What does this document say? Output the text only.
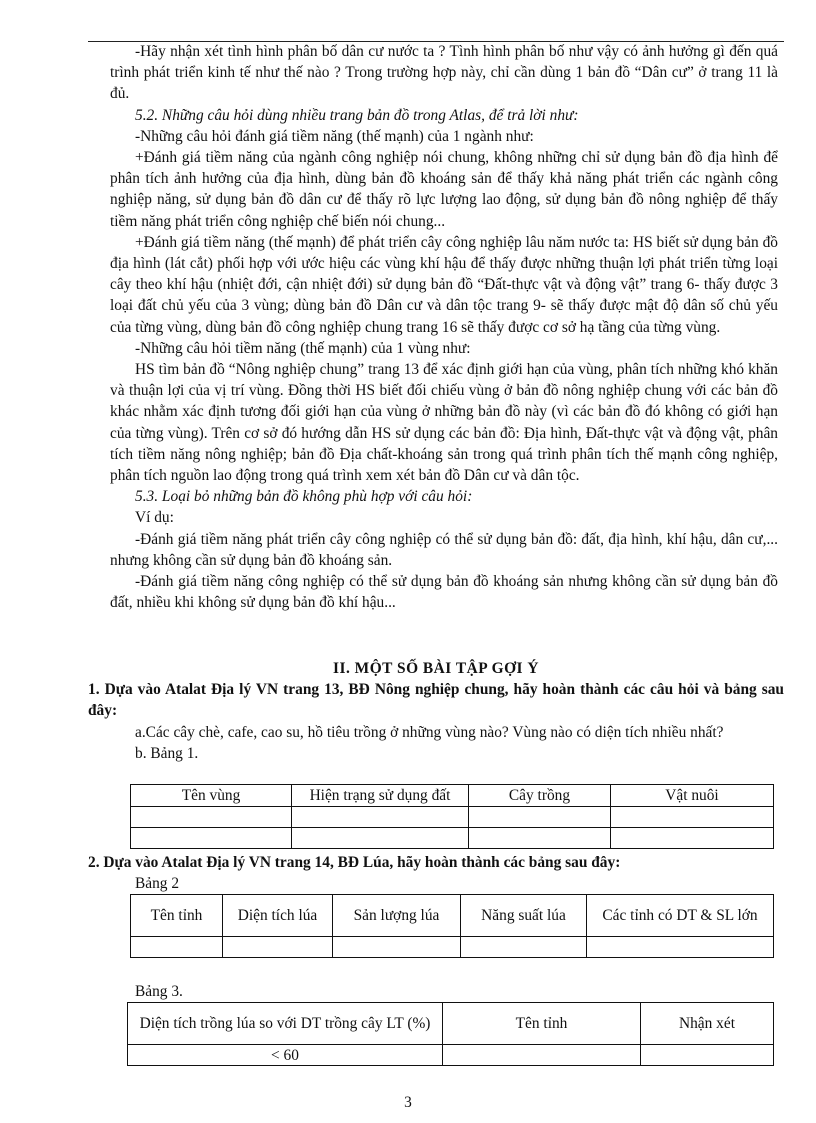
-Hãy nhận xét tình hình phân bố dân cư nước ta ? Tình hình phân bố như vậy có ảnh hưởng gì đến quá trình phát triển kinh tế như thế nào ? Trong trường hợp này, chỉ cần dùng 1 bản đồ “Dân cư” ở trang 11 là đủ.

5.2. Những câu hỏi dùng nhiều trang bản đồ trong Atlas, để trả lời như:

-Những câu hỏi đánh giá tiềm năng (thế mạnh) của 1 ngành như:

+Đánh giá tiềm năng của ngành công nghiệp nói chung, không những chỉ sử dụng bản đồ địa hình để phân tích ảnh hưởng của địa hình, dùng bản đồ khoáng sản để thấy khả năng phát triển các ngành công nghiệp năng, sử dụng bản đồ dân cư để thấy rõ lực lượng lao động, sử dụng bản đồ nông nghiệp để thấy tiềm năng phát triển công nghiệp chế biến nói chung...

+Đánh giá tiềm năng (thế mạnh) để phát triển cây công nghiệp lâu năm nước ta: HS biết sử dụng bản đồ địa hình (lát cắt) phối hợp với ước hiệu các vùng khí hậu để thấy được những thuận lợi phát triển từng loại cây theo khí hậu (nhiệt đới, cận nhiệt đới) sử dụng bản đồ “Đất-thực vật và động vật” trang 6- thấy được 3 loại đất chủ yếu của 3 vùng; dùng bản đồ Dân cư và dân tộc trang 9- sẽ thấy được mật độ dân số chủ yếu của từng vùng, dùng bản đồ công nghiệp chung trang 16 sẽ thấy được cơ sở hạ tầng của từng vùng.

-Những câu hỏi tiềm năng (thế mạnh) của 1 vùng như:

HS tìm bản đồ “Nông nghiệp chung” trang 13 để xác định giới hạn của vùng, phân tích những khó khăn và thuận lợi của vị trí vùng. Đồng thời HS biết đối chiếu vùng ở bản đồ nông nghiệp chung với các bản đồ khác nhằm xác định tương đối giới hạn của vùng ở những bản đồ này (vì các bản đồ đó không có giới hạn của từng vùng). Trên cơ sở đó hướng dẫn HS sử dụng các bản đồ: Địa hình, Đất-thực vật và động vật, phân tích tiềm năng nông nghiệp; bản đồ Địa chất-khoáng sản trong quá trình phân tích thế mạnh công nghiệp, phân tích nguồn lao động trong quá trình xem xét bản đồ Dân cư và dân tộc.

5.3. Loại bỏ những bản đồ không phù hợp với câu hỏi:

Ví dụ:

-Đánh giá tiềm năng phát triển cây công nghiệp có thể sử dụng bản đồ: đất, địa hình, khí hậu, dân cư,... nhưng không cần sử dụng bản đồ khoáng sản.

-Đánh giá tiềm năng công nghiệp có thể sử dụng bản đồ khoáng sản nhưng không cần sử dụng bản đồ đất, nhiều khi không sử dụng bản đồ khí hậu...

II. MỘT SỐ BÀI TẬP GỢI Ý

1. Dựa vào Atalat Địa lý VN trang 13, BĐ Nông nghiệp chung, hãy hoàn thành các câu hỏi và bảng sau đây:

a.Các cây chè, cafe, cao su, hồ tiêu trồng ở những vùng nào? Vùng nào có diện tích nhiều nhất?

b. Bảng 1.

Tên vùng	Hiện trạng sử dụng đất	Cây trồng	Vật nuôi

2. Dựa vào Atalat Địa lý VN trang 14, BĐ Lúa, hãy hoàn thành các bảng sau đây:

Bảng 2

Tên tỉnh	Diện tích lúa	Sản lượng lúa	Năng suất lúa	Các tỉnh có DT & SL lớn

Bảng 3.

Diện tích trồng lúa so với DT trồng cây LT (%)	Tên tỉnh	Nhận xét
< 60		
3
